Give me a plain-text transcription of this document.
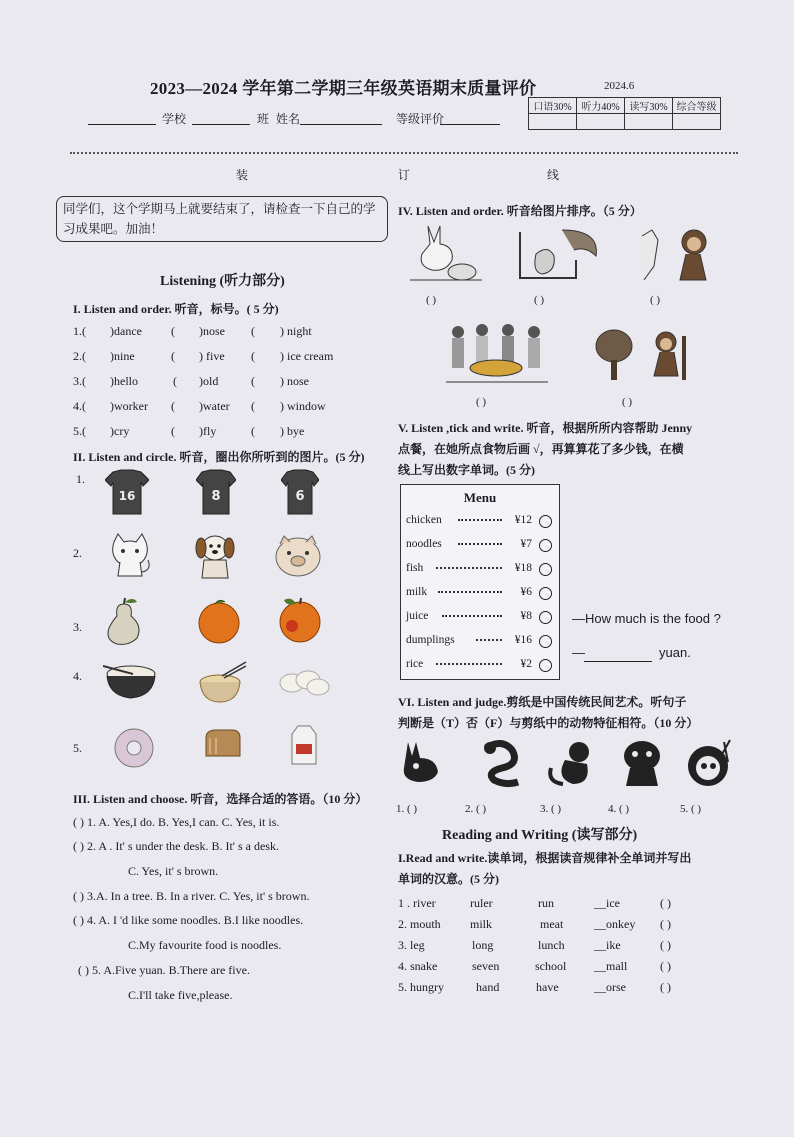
2023—2024 学年第二学期三年级英语期末质量评价	2024.6
学校	班 姓名	等级评价
口语30%	听力40%	读写30%	综合等级

装	订	线
同学们，这个学期马上就要结束了，请检查一下自己的学习成果吧。加油！
Listening (听力部分)
I. Listen and order. 听音，标号。( 5 分)
1.( )dance ( )nose ( ) night
2.( )nine	( ) five ( ) ice cream
3.( )hello	( )old	( ) nose
4.( )worker ( )water ( ) window
5.( )cry	( )fly	( ) bye
II. Listen and circle. 听音，圈出你所听到的图片。(5 分)
1.
2.
3.
4.
5.
16	8	6
III. Listen and choose. 听音，选择合适的答语。（10 分）
( ) 1. A. Yes,I do. B. Yes,I can. C. Yes, it is.
( ) 2. A . It' s under the desk. B. It' s a desk.
C. Yes, it' s brown.
( ) 3.A. In a tree. B. In a river. C. Yes, it' s brown.
( ) 4. A. I 'd like some noodles. B.I like noodles.
C.My favourite food is noodles.
( ) 5. A.Five yuan. B.There are five.
C.I'll take five,please.
IV. Listen and order. 听音给图片排序。（5 分）
( )	( )	( )
( )	( )
V. Listen ,tick and write. 听音，根据所所内容帮助 Jenny
点餐，在她所点食物后画 √，再算算花了多少钱，在横
线上写出数字单词。(5 分)
Menu
chicken	¥12
noodles	¥7
fish	¥18
milk	¥6
juice	¥8
dumplings	¥16
rice	¥2
—How much is the food ?
—	yuan.
VI. Listen and judge.剪纸是中国传统民间艺术。听句子
判断是（T）否（F）与剪纸中的动物特征相符。（10 分）
1. ( )	2. ( )	3. ( )	4. ( )	5. ( )
Reading and Writing (读写部分)
I.Read and write.读单词，根据读音规律补全单词并写出
单词的汉意。(5 分)
1 . river	ruler	run	__ice	( )
2. mouth milk	meat	__onkey ( )
3. leg	long	lunch __ike	( )
4. snake	seven	school __mall	( )
5. hungry	hand	have	__orse	( )
